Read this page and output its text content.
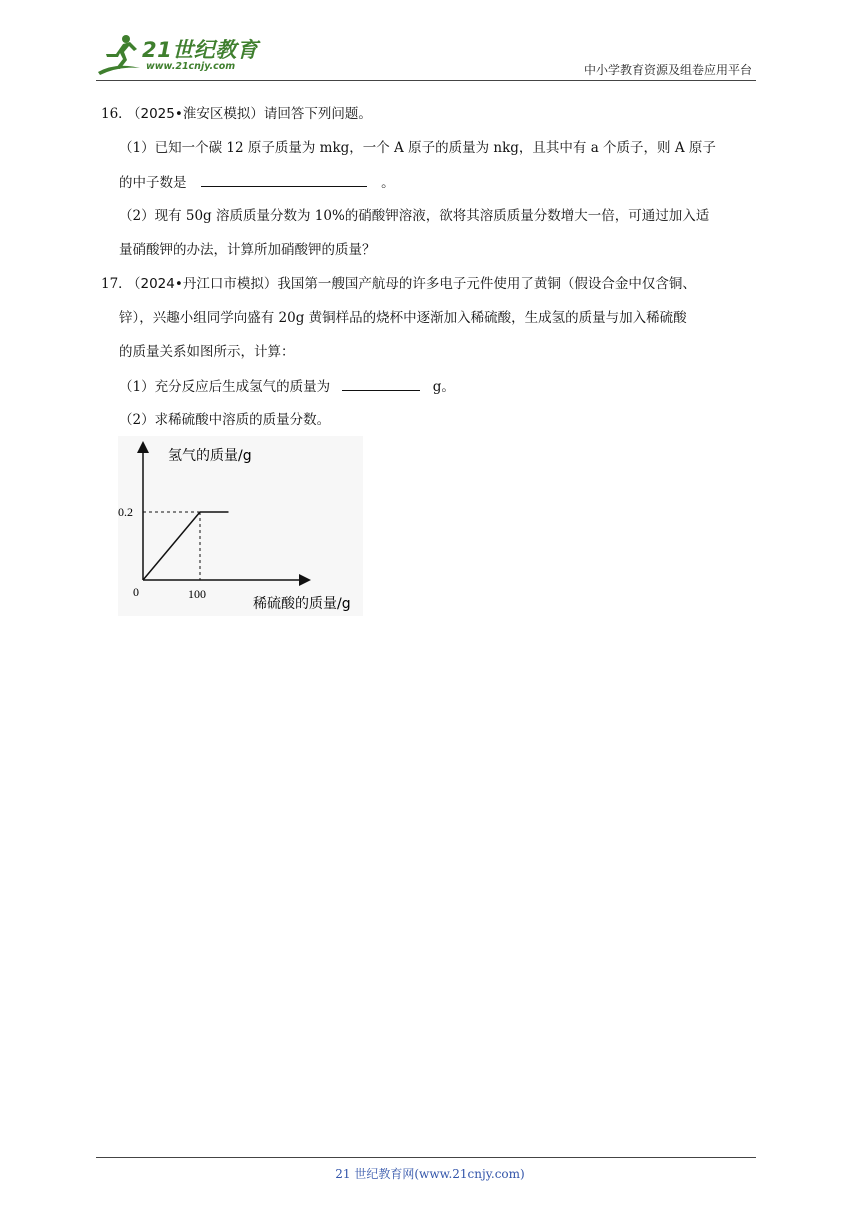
21世纪教育
www.21cnjy.com	中小学教育资源及组卷应用平台
16．
（2025•淮安区模拟）请回答下列问题。
（1）已知一个碳 12 原子质量为 mkg，一个 A 原子的质量为 nkg，且其中有 a 个质子，则 A 原子
的中子数是	。
（2）现有 50g 溶质质量分数为 10%的硝酸钾溶液，欲将其溶质质量分数增大一倍，可通过加入适
量硝酸钾的办法，计算所加硝酸钾的质量？
17．
（2024•丹江口市模拟）我国第一艘国产航母的许多电子元件使用了黄铜（假设合金中仅含铜、
锌），兴趣小组同学向盛有 20g 黄铜样品的烧杯中逐渐加入稀硫酸，生成氢的质量与加入稀硫酸
的质量关系如图所示，计算：
（1）充分反应后生成氢气的质量为	g。
（2）求稀硫酸中溶质的质量分数。
氢气的质量/g
稀硫酸的质量/g
0
0.2
100
21 世纪教育网(www.21cnjy.com)
